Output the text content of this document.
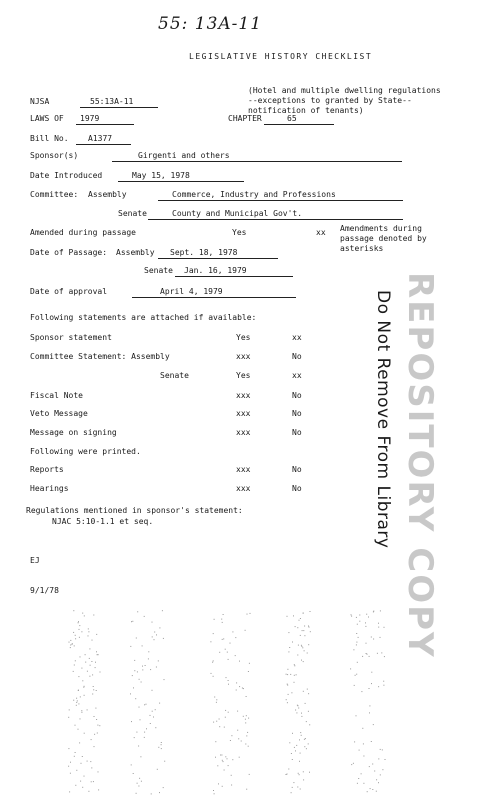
55: 13A-11
LEGISLATIVE HISTORY CHECKLIST
NJSA	55:13A-11
(Hotel and multiple dwelling regulations
--exceptions to granted by State--
notification of tenants)
LAWS OF 1979	CHAPTER	65
Bill No. A1377
Sponsor(s)	Girgenti and others
Date Introduced	May 15, 1978
Committee: Assembly	Commerce, Industry and Professions
Senate	County and Municipal Gov't.
Amended during passage	Yes	xx Amendments during
passage denoted by
asterisks
Date of Passage: Assembly Sept. 18, 1978
Senate Jan. 16, 1979
Date of approval	April 4, 1979
Following statements are attached if available:
Sponsor statement	Yes	xx
Committee Statement: Assembly	xxx	No
Senate	Yes	xx
Fiscal Note	xxx	No
Veto Message	xxx	No
Message on signing	xxx	No
Following were printed.
Reports	xxx	No
Hearings	xxx	No
Regulations mentioned in sponsor's statement:
NJAC 5:10-1.1 et seq.
EJ
9/1/78	REPOSITORY COPY
Do Not Remove From Library
